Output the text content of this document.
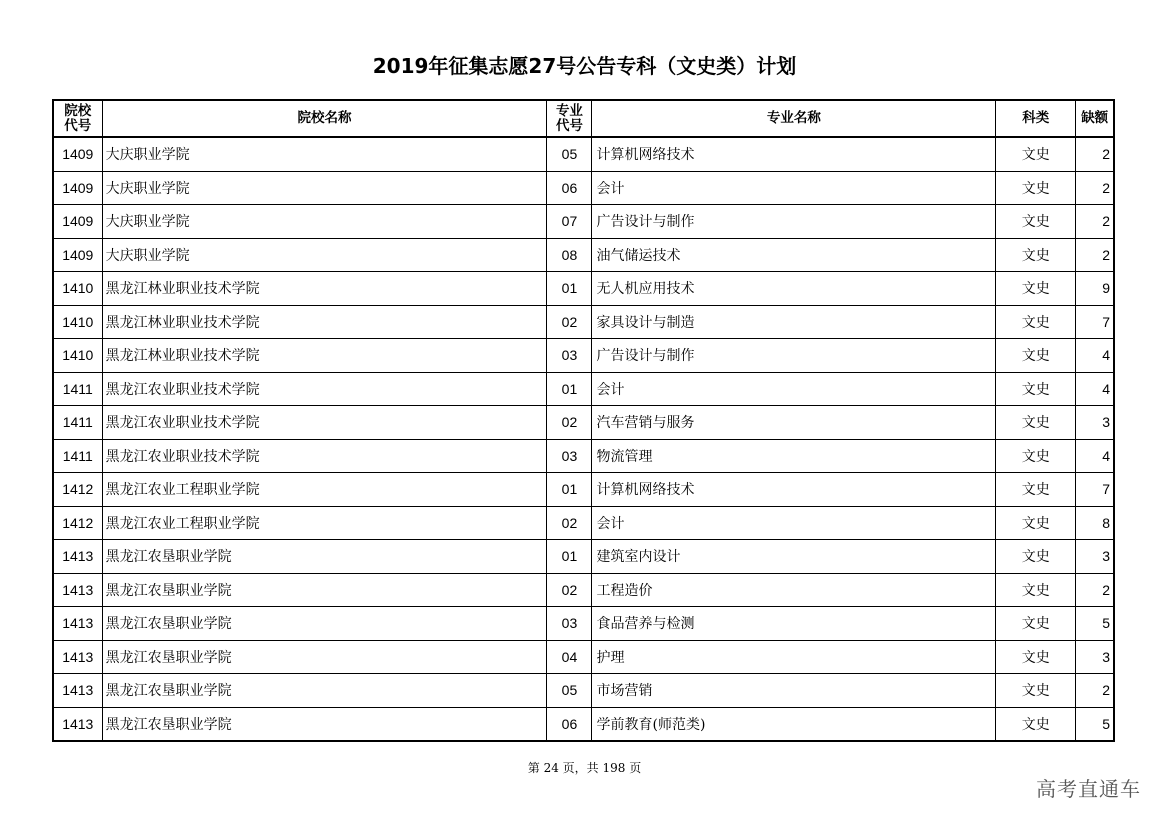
2019年征集志愿27号公告专科（文史类）计划
院校代号	院校名称	专业代号	专业名称	科类	缺额
1409	大庆职业学院	05	计算机网络技术	文史	2
1409	大庆职业学院	06	会计	文史	2
1409	大庆职业学院	07	广告设计与制作	文史	2
1409	大庆职业学院	08	油气储运技术	文史	2
1410	黑龙江林业职业技术学院	01	无人机应用技术	文史	9
1410	黑龙江林业职业技术学院	02	家具设计与制造	文史	7
1410	黑龙江林业职业技术学院	03	广告设计与制作	文史	4
1411	黑龙江农业职业技术学院	01	会计	文史	4
1411	黑龙江农业职业技术学院	02	汽车营销与服务	文史	3
1411	黑龙江农业职业技术学院	03	物流管理	文史	4
1412	黑龙江农业工程职业学院	01	计算机网络技术	文史	7
1412	黑龙江农业工程职业学院	02	会计	文史	8
1413	黑龙江农垦职业学院	01	建筑室内设计	文史	3
1413	黑龙江农垦职业学院	02	工程造价	文史	2
1413	黑龙江农垦职业学院	03	食品营养与检测	文史	5
1413	黑龙江农垦职业学院	04	护理	文史	3
1413	黑龙江农垦职业学院	05	市场营销	文史	2
1413	黑龙江农垦职业学院	06	学前教育(师范类)	文史	5
第 24 页，共 198 页
高考直通车
